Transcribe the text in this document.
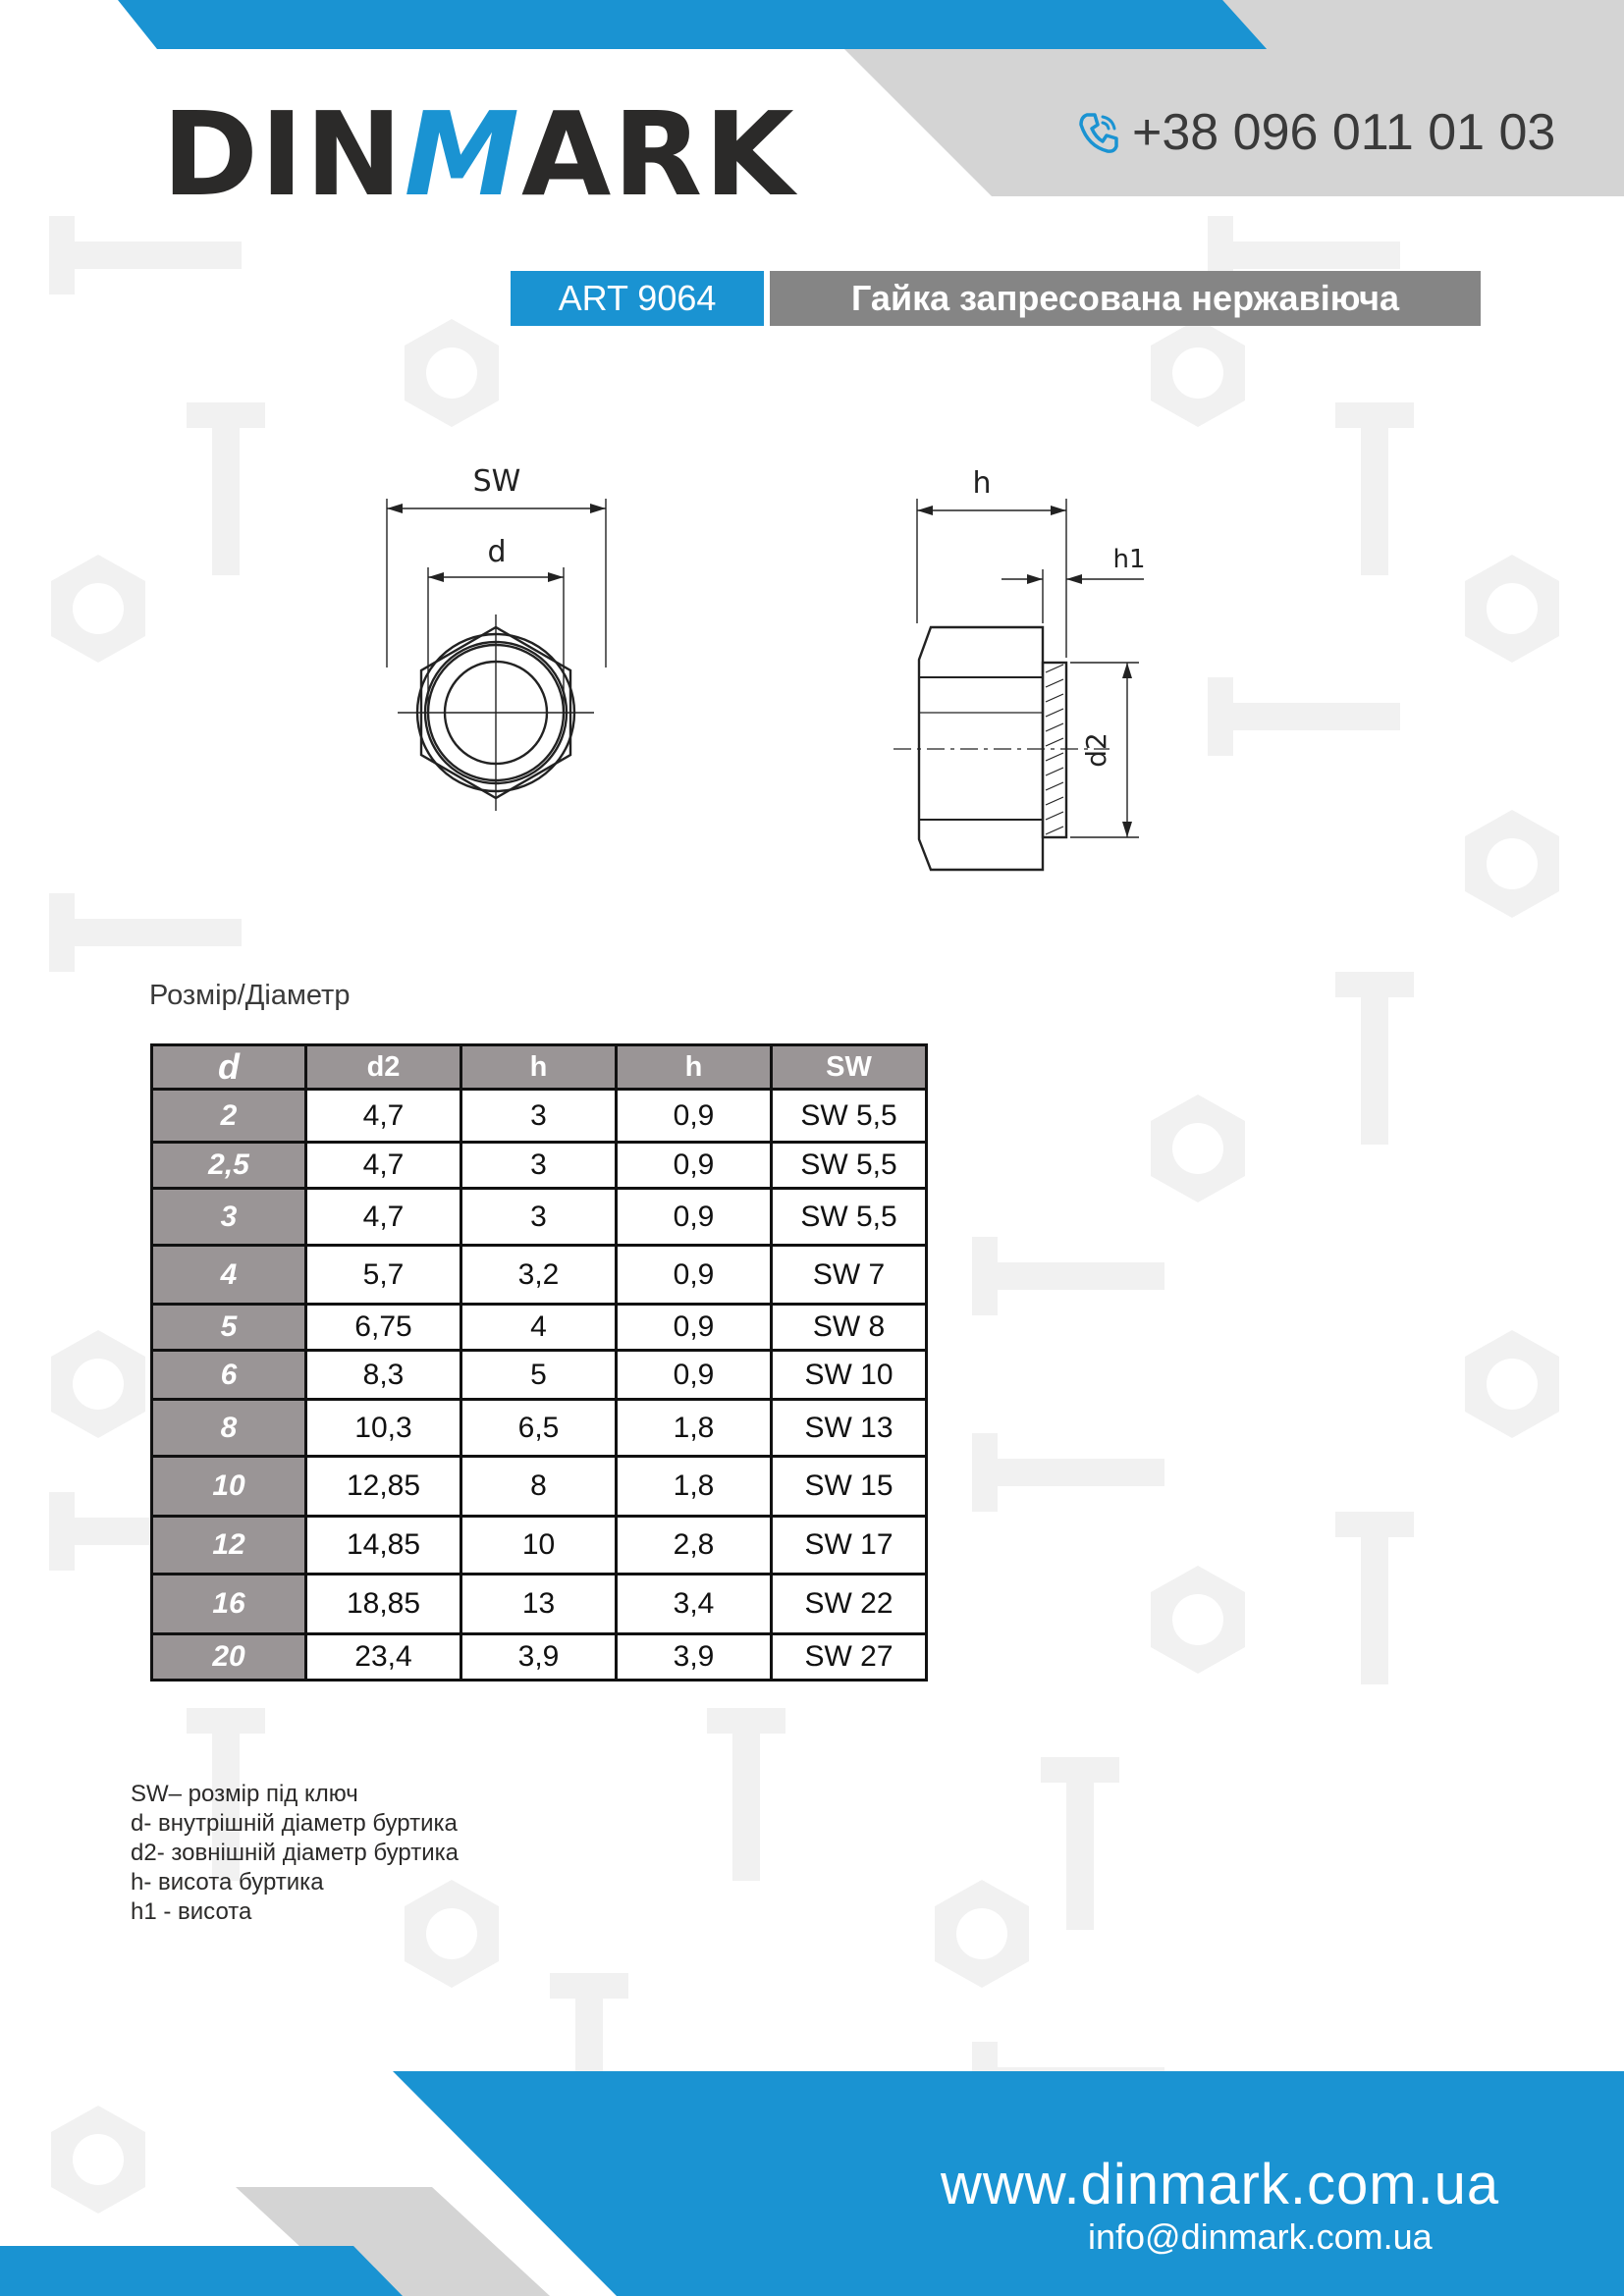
DINMARK	+38 096 011 01 03
ART 9064	Гайка запресована нержавіюча
SW
d
h
h1
d2
Розмір/Діаметр
d	d2	h	h	SW
2	4,7	3	0,9	SW 5,5
2,5	4,7	3	0,9	SW 5,5
3	4,7	3	0,9	SW 5,5
4	5,7	3,2	0,9	SW 7
5	6,75	4	0,9	SW 8
6	8,3	5	0,9	SW 10
8	10,3	6,5	1,8	SW 13
10	12,85	8	1,8	SW 15
12	14,85	10	2,8	SW 17
16	18,85	13	3,4	SW 22
20	23,4	3,9	3,9	SW 27
SW– розмір під ключ
d- внутрішній діаметр буртика
d2- зовнішній діаметр буртика
h- висота буртика
h1 - висота
www.dinmark.com.ua
info@dinmark.com.ua
